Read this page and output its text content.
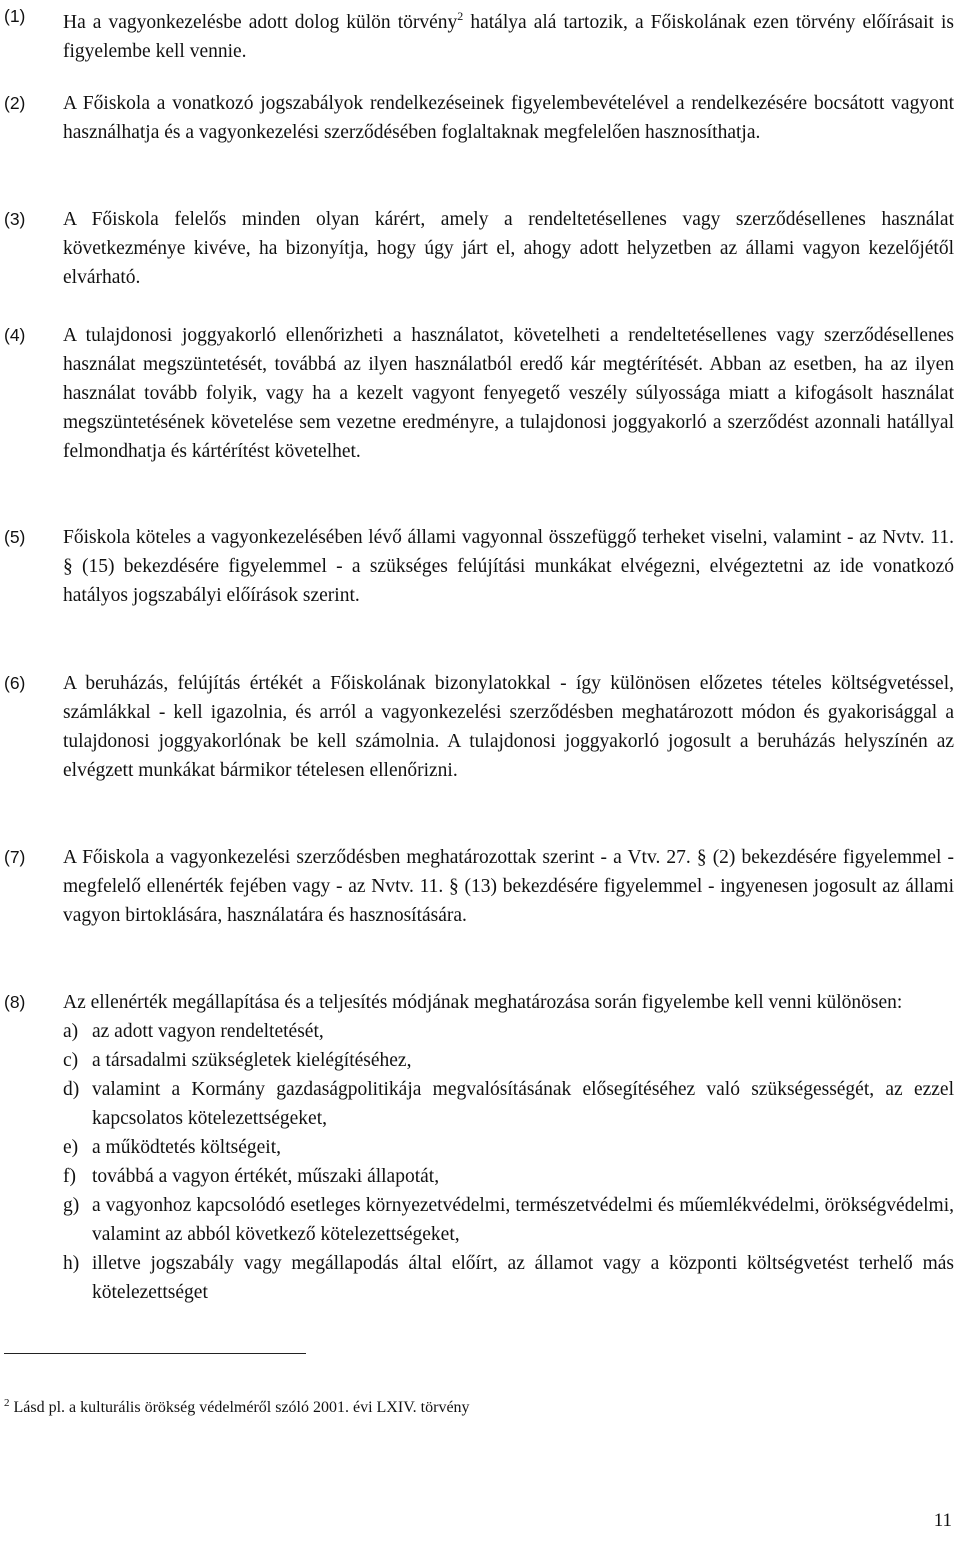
(1)	Ha a vagyonkezelésbe adott dolog külön törvény$^2$ hatálya alá tartozik, a Főiskolának ezen törvény előírásait is figyelembe kell vennie.
(2)	A Főiskola a vonatkozó jogszabályok rendelkezéseinek figyelembevételével a rendelkezésére bocsátott vagyont használhatja és a vagyonkezelési szerződésében foglaltaknak megfelelően hasznosíthatja.
(3)	A Főiskola felelős minden olyan kárért, amely a rendeltetésellenes vagy szerződésellenes használat következménye kivéve, ha bizonyítja, hogy úgy járt el, ahogy adott helyzetben az állami vagyon kezelőjétől elvárható.
(4)	A tulajdonosi joggyakorló ellenőrizheti a használatot, követelheti a rendeltetésellenes vagy szerződésellenes használat megszüntetését, továbbá az ilyen használatból eredő kár megtérítését. Abban az esetben, ha az ilyen használat tovább folyik, vagy ha a kezelt vagyont fenyegető veszély súlyossága miatt a kifogásolt használat megszüntetésének követelése sem vezetne eredményre, a tulajdonosi joggyakorló a szerződést azonnali hatállyal felmondhatja és kártérítést követelhet.
(5)	Főiskola köteles a vagyonkezelésében lévő állami vagyonnal összefüggő terheket viselni, valamint - az Nvtv. 11. § (15) bekezdésére figyelemmel - a szükséges felújítási munkákat elvégezni, elvégeztetni az ide vonatkozó hatályos jogszabályi előírások szerint.
(6)	A beruházás, felújítás értékét a Főiskolának bizonylatokkal - így különösen előzetes tételes költségvetéssel, számlákkal - kell igazolnia, és arról a vagyonkezelési szerződésben meghatározott módon és gyakorisággal a tulajdonosi joggyakorlónak be kell számolnia. A tulajdonosi joggyakorló jogosult a beruházás helyszínén az elvégzett munkákat bármikor tételesen ellenőrizni.
(7)	A Főiskola a vagyonkezelési szerződésben meghatározottak szerint - a Vtv. 27. § (2) bekezdésére figyelemmel - megfelelő ellenérték fejében vagy - az Nvtv. 11. § (13) bekezdésére figyelemmel - ingyenesen jogosult az állami vagyon birtoklására, használatára és hasznosítására.
(8)	Az ellenérték megállapítása és a teljesítés módjának meghatározása során figyelembe kell venni különösen:
a) az adott vagyon rendeltetését,
c) a társadalmi szükségletek kielégítéséhez,
d) valamint a Kormány gazdaságpolitikája megvalósításának elősegítéséhez való szükségességét, az ezzel kapcsolatos kötelezettségeket,
e) a működtetés költségeit,
f) továbbá a vagyon értékét, műszaki állapotát,
g) a vagyonhoz kapcsolódó esetleges környezetvédelmi, természetvédelmi és műemlékvédelmi, örökségvédelmi, valamint az abból következő kötelezettségeket,
h) illetve jogszabály vagy megállapodás által előírt, az államot vagy a központi költségvetést terhelő más kötelezettséget
$^2$ Lásd pl. a kulturális örökség védelméről szóló 2001. évi LXIV. törvény
11
